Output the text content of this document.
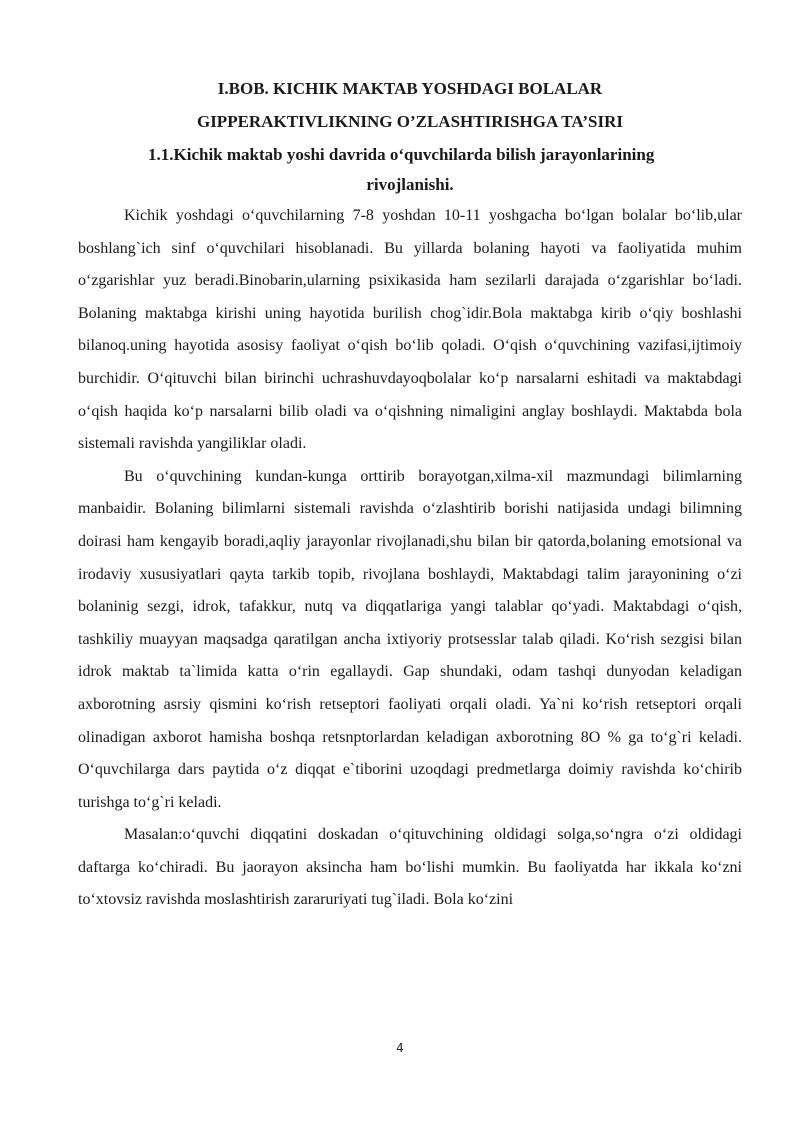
I.BOB. KICHIK MAKTAB YOSHDAGI BOLALAR
GIPPERAKTIVLIKNING O’ZLASHTIRISHGA TA’SIRI
1.1.Kichik maktab yoshi davrida o‘quvchilarda bilish jarayonlarining
rivojlanishi.

Kichik yoshdagi o‘quvchilarning 7-8 yoshdan 10-11 yoshgacha bo‘lgan bolalar bo‘lib,ular boshlang`ich sinf o‘quvchilari hisoblanadi. Bu yillarda bolaning hayoti va faoliyatida muhim o‘zgarishlar yuz beradi.Binobarin,ularning psixikasida ham sezilarli darajada o‘zgarishlar bo‘ladi. Bolaning maktabga kirishi uning hayotida burilish chog`idir.Bola maktabga kirib o‘qiy boshlashi bilanoq.uning hayotida asosisy faoliyat o‘qish bo‘lib qoladi. O‘qish o‘quvchining vazifasi,ijtimoiy burchidir. O‘qituvchi bilan birinchi uchrashuvdayoqbolalar ko‘p narsalarni eshitadi va maktabdagi o‘qish haqida ko‘p narsalarni bilib oladi va o‘qishning nimaligini anglay boshlaydi. Maktabda bola sistemali ravishda yangiliklar oladi.

Bu o‘quvchining kundan-kunga orttirib borayotgan,xilma-xil mazmundagi bilimlarning manbaidir. Bolaning bilimlarni sistemali ravishda o‘zlashtirib borishi natijasida undagi bilimning doirasi ham kengayib boradi,aqliy jarayonlar rivojlanadi,shu bilan bir qatorda,bolaning emotsional va irodaviy xususiyatlari qayta tarkib topib, rivojlana boshlaydi, Maktabdagi talim jarayonining o‘zi bolaninig sezgi, idrok, tafakkur, nutq va diqqatlariga yangi talablar qo‘yadi. Maktabdagi o‘qish, tashkiliy muayyan maqsadga qaratilgan ancha ixtiyoriy protsesslar talab qiladi. Ko‘rish sezgisi bilan idrok maktab ta`limida katta o‘rin egallaydi. Gap shundaki, odam tashqi dunyodan keladigan axborotning asrsiy qismini ko‘rish retseptori faoliyati orqali oladi. Ya`ni ko‘rish retseptori orqali olinadigan axborot hamisha boshqa retsnptorlardan keladigan axborotning 8O % ga to‘g`ri keladi. O‘quvchilarga dars paytida o‘z diqqat e`tiborini uzoqdagi predmetlarga doimiy ravishda ko‘chirib turishga to‘g`ri keladi.

Masalan:o‘quvchi diqqatini doskadan o‘qituvchining oldidagi solga,so‘ngra o‘zi oldidagi daftarga ko‘chiradi. Bu jaorayon aksincha ham bo‘lishi mumkin. Bu faoliyatda har ikkala ko‘zni to‘xtovsiz ravishda moslashtirish zararuriyati tug`iladi. Bola ko‘zini

4
